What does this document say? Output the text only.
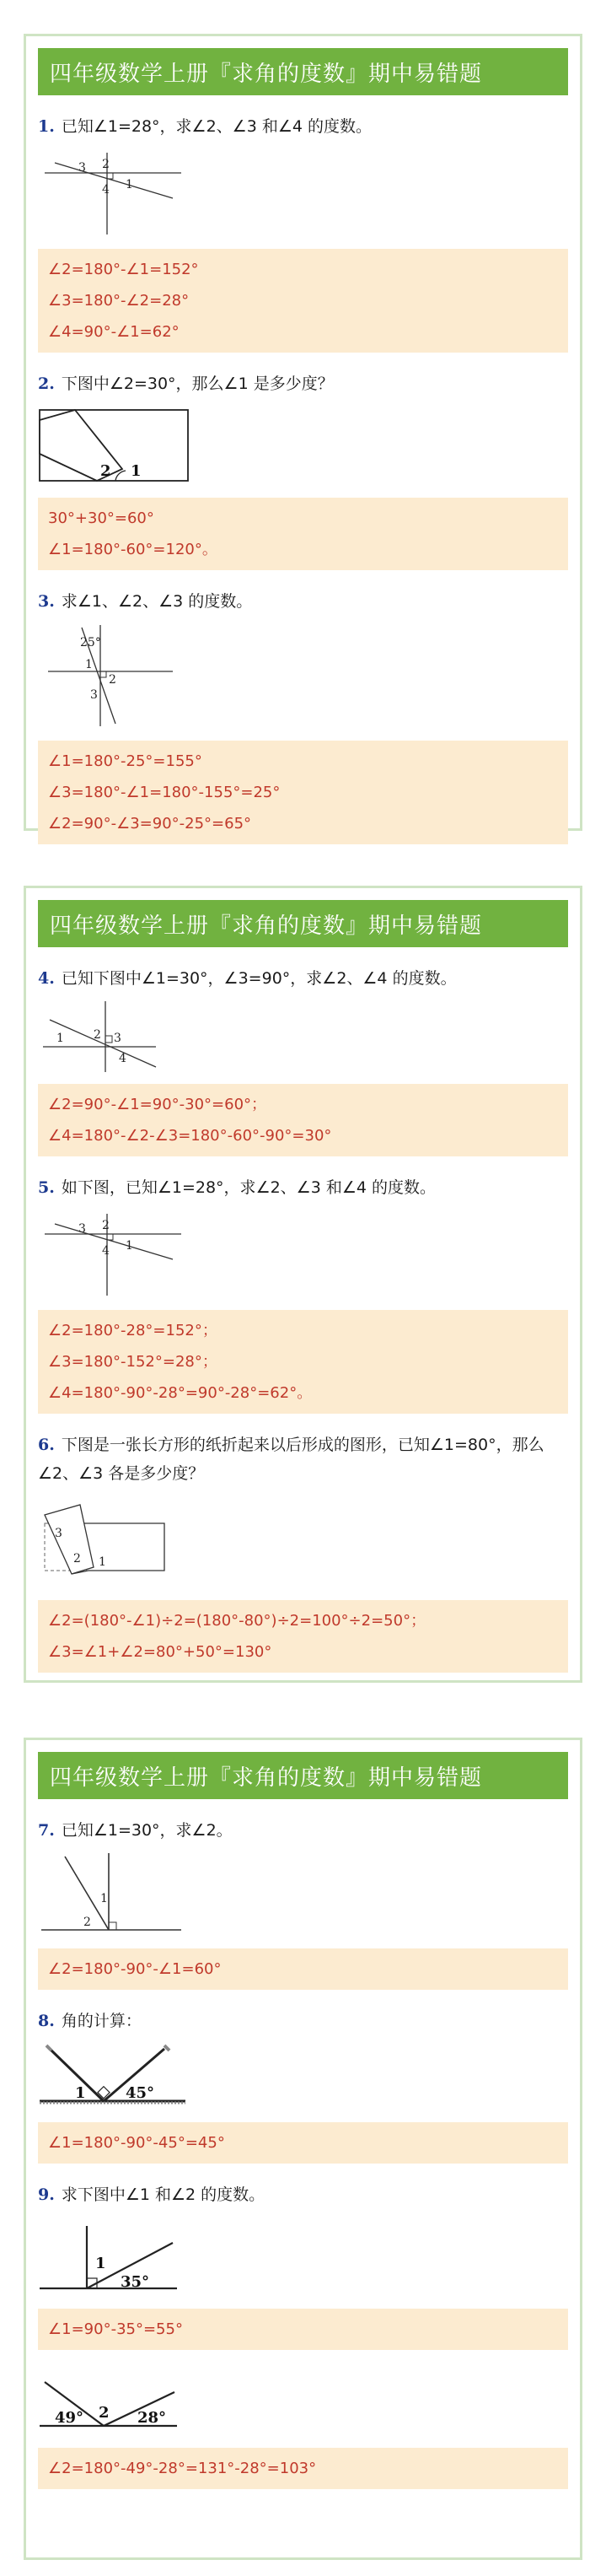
四年级数学上册『求角的度数』期中易错题
1. 已知∠1=28°，求∠2、∠3 和∠4 的度数。
3 2
1
4
∠2=180°-∠1=152°
∠3=180°-∠2=28°
∠4=90°-∠1=62°
2. 下图中∠2=30°，那么∠1 是多少度？
2 1
30°+30°=60°
∠1=180°-60°=120°。
3. 求∠1、∠2、∠3 的度数。
25°
1
2
3
∠1=180°-25°=155°
∠3=180°-∠1=180°-155°=25°
∠2=90°-∠3=90°-25°=65°
四年级数学上册『求角的度数』期中易错题
4. 已知下图中∠1=30°，∠3=90°，求∠2、∠4 的度数。
1	2 3
4
∠2=90°-∠1=90°-30°=60°；
∠4=180°-∠2-∠3=180°-60°-90°=30°
5. 如下图，已知∠1=28°，求∠2、∠3 和∠4 的度数。
3 2
1
4
∠2=180°-28°=152°；
∠3=180°-152°=28°；
∠4=180°-90°-28°=90°-28°=62°。
6. 下图是一张长方形的纸折起来以后形成的图形，已知∠1=80°，那么∠2、∠3 各是多少度？
3
2 1
∠2=(180°-∠1)÷2=(180°-80°)÷2=100°÷2=50°；
∠3=∠1+∠2=80°+50°=130°
四年级数学上册『求角的度数』期中易错题
7. 已知∠1=30°，求∠2。
1
2
∠2=180°-90°-∠1=60°
8. 角的计算：
1	45°
∠1=180°-90°-45°=45°
9. 求下图中∠1 和∠2 的度数。
1
35°
∠1=90°-35°=55°
49° 2 28°
∠2=180°-49°-28°=131°-28°=103°
